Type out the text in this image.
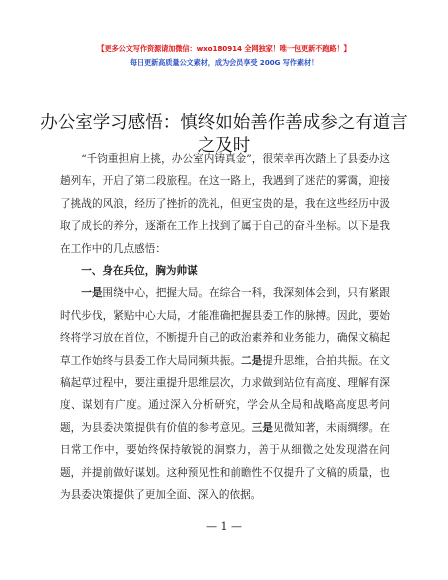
【更多公文写作资源请加微信：wxo180914 全网独家！唯一包更新不跑路！】
每日更新高质量公文素材，成为会员享受 200G 写作素材！
办公室学习感悟：慎终如始善作善成参之有道言之及时

“千钧重担肩上挑，办公室内铸真金”，很荣幸再次踏上了县委办这趟列车，开启了第二段旅程。在这一路上，我遇到了迷茫的雾霭，迎接了挑战的风浪，经历了挫折的洗礼，但更宝贵的是，我在这些经历中汲取了成长的养分，逐渐在工作上找到了属于自己的奋斗坐标。以下是我在工作中的几点感悟：

一、身在兵位，胸为帅谋

一是围绕中心，把握大局。在综合一科，我深刻体会到，只有紧跟时代步伐，紧贴中心大局，才能准确把握县委工作的脉搏。因此，要始终将学习放在首位，不断提升自己的政治素养和业务能力，确保文稿起草工作始终与县委工作大局同频共振。二是提升思维，合拍共振。在文稿起草过程中，要注重提升思维层次，力求做到站位有高度、理解有深度、谋划有广度。通过深入分析研究，学会从全局和战略高度思考问题，为县委决策提供有价值的参考意见。三是见微知著，未雨绸缪。在日常工作中，要始终保持敏锐的洞察力，善于从细微之处发现潜在问题，并提前做好谋划。这种预见性和前瞻性不仅提升了文稿的质量，也为县委决策提供了更加全面、深入的依据。

— 1 —
